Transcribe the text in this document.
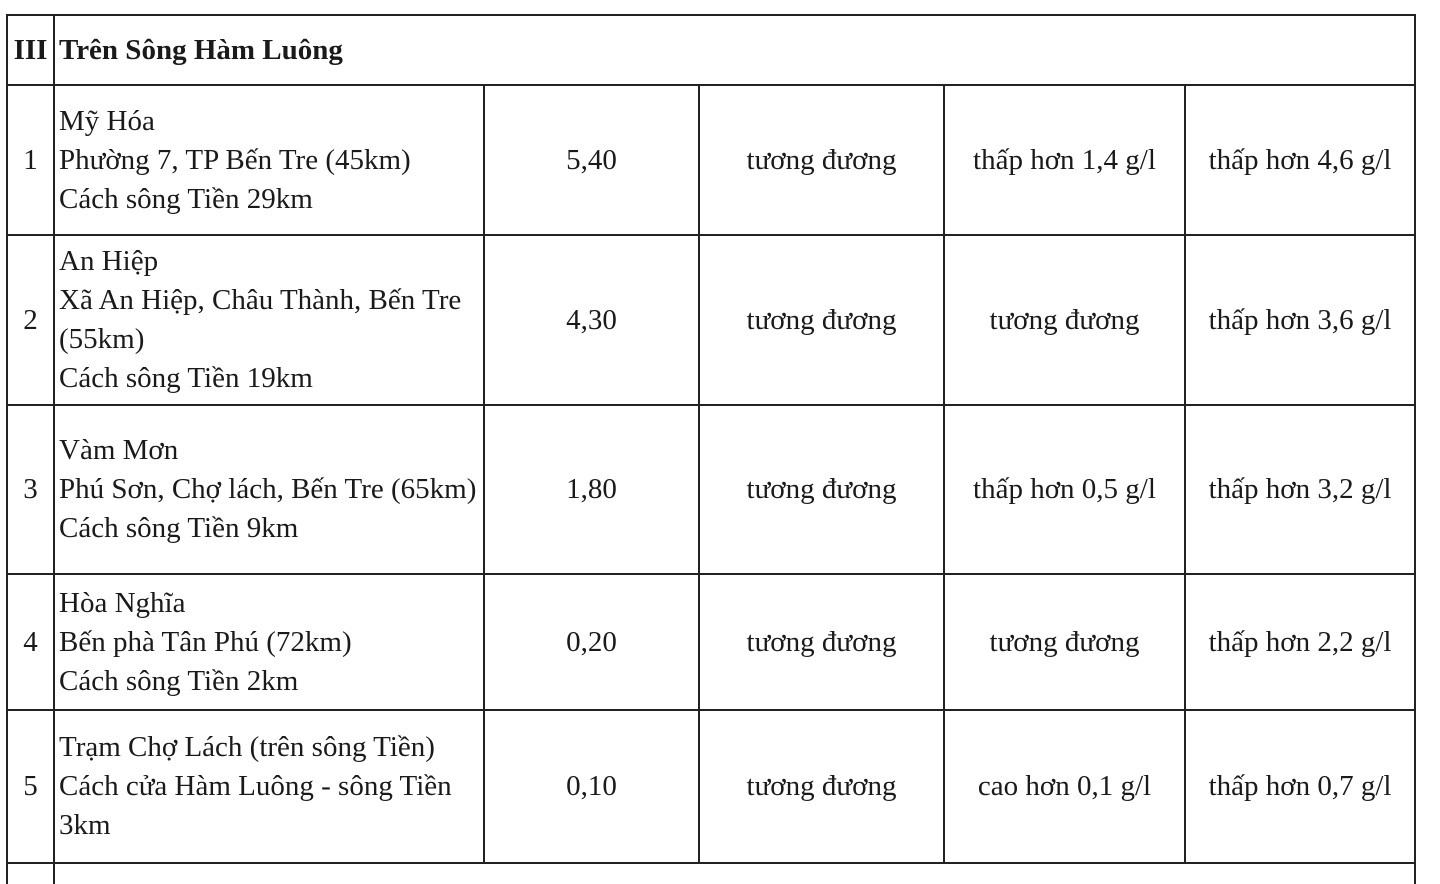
III	Trên Sông Hàm Luông				
1	Mỹ Hóa
Phường 7, TP Bến Tre (45km)
Cách sông Tiền 29km	5,40	tương đương	thấp hơn 1,4 g/l	thấp hơn 4,6 g/l
2	An Hiệp
Xã An Hiệp, Châu Thành, Bến Tre (55km)
Cách sông Tiền 19km	4,30	tương đương	tương đương	thấp hơn 3,6 g/l
3	Vàm Mơn
Phú Sơn, Chợ lách, Bến Tre (65km)
Cách sông Tiền 9km	1,80	tương đương	thấp hơn 0,5 g/l	thấp hơn 3,2 g/l
4	Hòa Nghĩa
Bến phà Tân Phú (72km)
Cách sông Tiền 2km	0,20	tương đương	tương đương	thấp hơn 2,2 g/l
5	Trạm Chợ Lách (trên sông Tiền)
Cách cửa Hàm Luông - sông Tiền 3km	0,10	tương đương	cao hơn 0,1 g/l	thấp hơn 0,7 g/l
